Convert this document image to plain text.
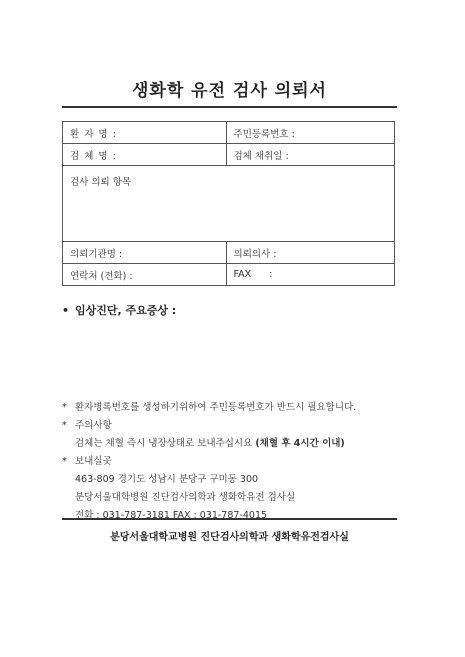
생화학 유전 검사 의뢰서
환 자 명 :	주민등록번호 :
검 체 명 :	검체 채취일 :
검사 의뢰 항목	
의뢰기관명 :	의뢰의사 :
연락처 (전화) :	FAX      :
• 임상진단, 주요증상 :
* 환자병록번호를 생성하기위하여 주민등록번호가 반드시 필요합니다.
* 주의사항
검체는 채혈 즉시 냉장상태로 보내주십시요 (채혈 후 4시간 이내)
* 보내실곳
463-809 경기도 성남시 분당구 구미동 300
분당서울대학병원 진단검사의학과 생화학유전 검사실
전화 : 031-787-3181 FAX : 031-787-4015
분당서울대학교병원 진단검사의학과 생화학유전검사실
